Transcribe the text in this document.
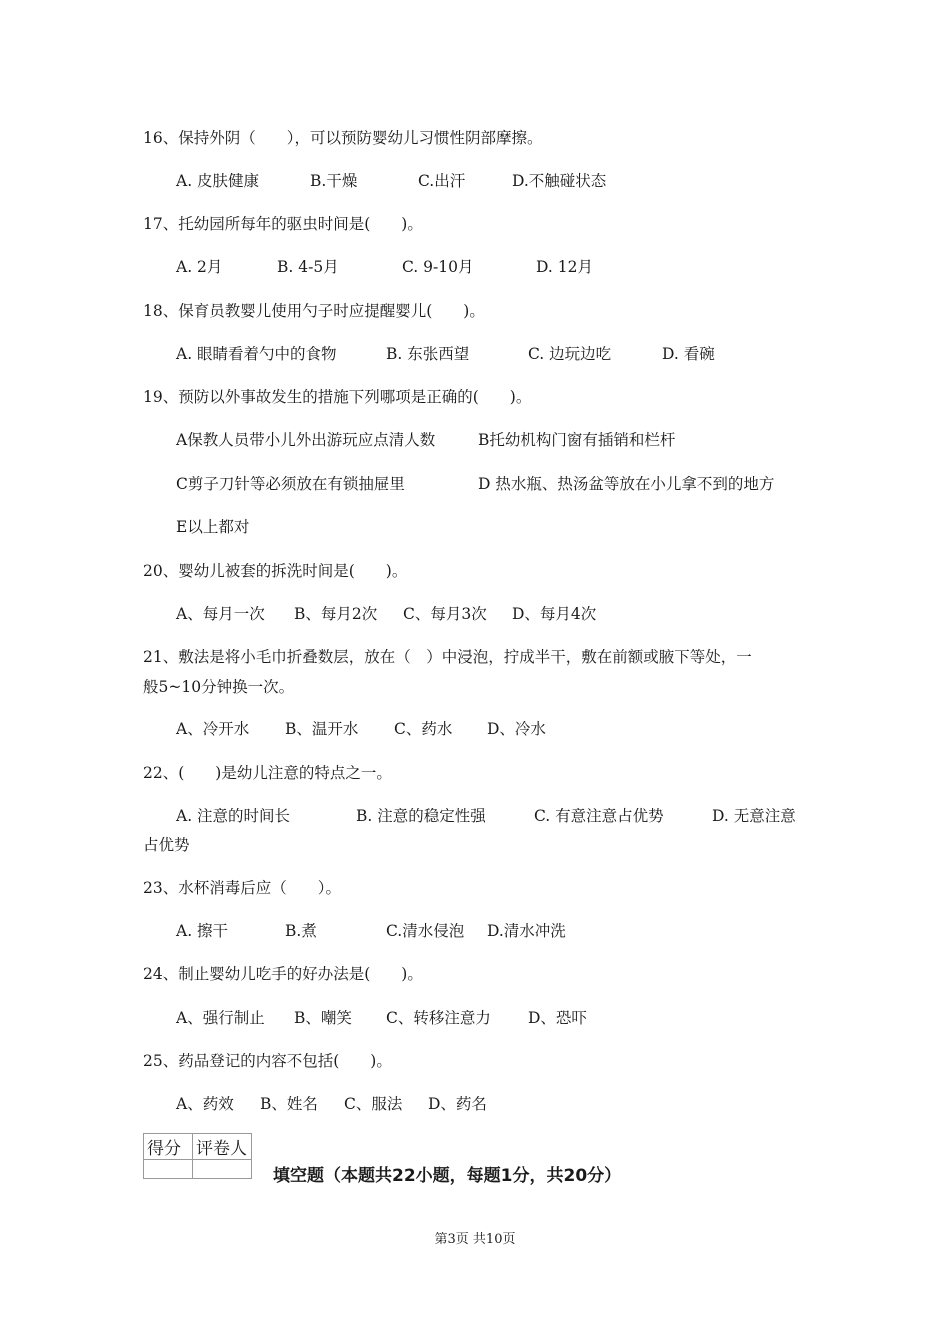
16、保持外阴（　　），可以预防婴幼儿习惯性阴部摩擦。

A. 皮肤健康

	B.干燥

	C.出汗

	D.不触碰状态

17、托幼园所每年的驱虫时间是(　　)。

A. 2月

	B. 4-5月

	C. 9-10月

	D. 12月

18、保育员教婴儿使用勺子时应提醒婴儿(　　)。

A. 眼睛看着勺中的食物

	B. 东张西望

	C. 边玩边吃

	D. 看碗

19、预防以外事故发生的措施下列哪项是正确的(　　)。

A保教人员带小儿外出游玩应点清人数

	B托幼机构门窗有插销和栏杆

C剪子刀针等必须放在有锁抽屉里

	D 热水瓶、热汤盆等放在小儿拿不到的地方

E以上都对
20、婴幼儿被套的拆洗时间是(　　)。

A、每月一次

B、每月2次

C、每月3次

D、每月4次

21、敷法是将小毛巾折叠数层，放在（　）中浸泡，拧成半干，敷在前额或腋下等处，一
般5~10分钟换一次。

A、冷开水

B、温开水

C、药水

D、冷水

22、(　　)是幼儿注意的特点之一。

A. 注意的时间长

	B. 注意的稳定性强

	C. 有意注意占优势

	D. 无意注意

占优势
23、水杯消毒后应（　　）。

A. 擦干

	B.煮

	C.清水侵泡

D.清水冲洗

24、制止婴幼儿吃手的好办法是(　　)。

A、强行制止

B、嘲笑

C、转移注意力

D、恐吓

25、药品登记的内容不包括(　　)。

A、药效

B、姓名

C、服法

D、药名

得分	评卷人

填空题（本题共22小题，每题1分，共20分）
第3页 共10页
